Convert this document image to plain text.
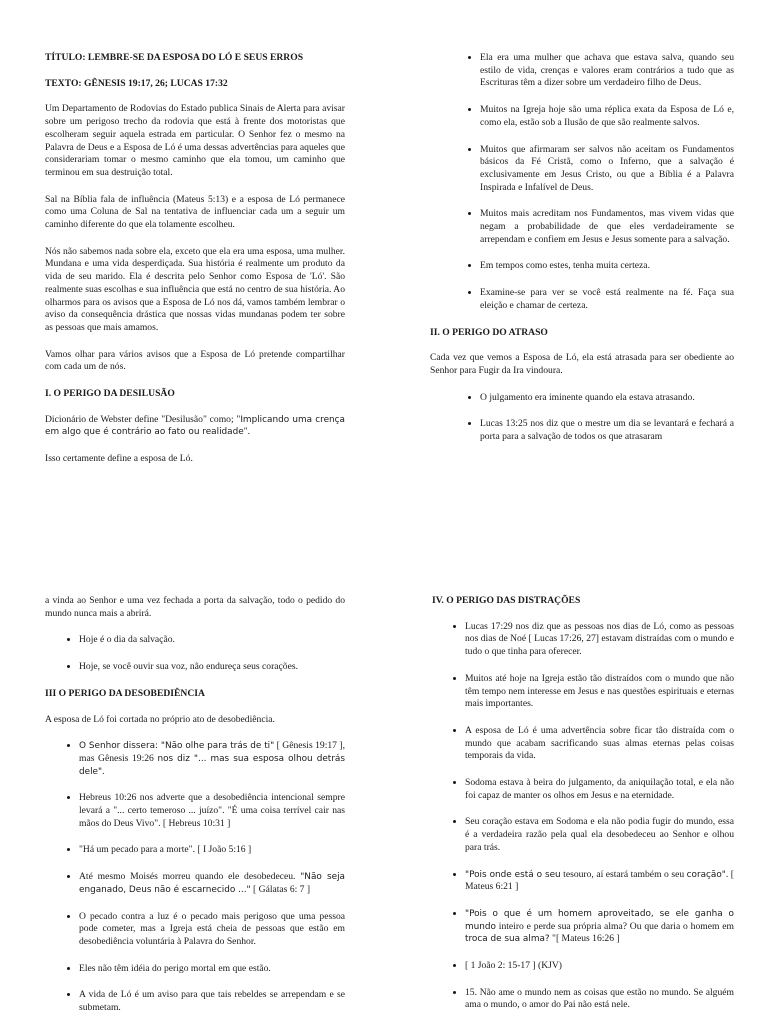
TÍTULO: LEMBRE-SE DA ESPOSA DO LÓ E SEUS ERROS
TEXTO: GÊNESIS 19:17, 26; LUCAS 17:32

Um Departamento de Rodovias do Estado publica Sinais de Alerta para avisar sobre um perigoso trecho da rodovia que está à frente dos motoristas que escolheram seguir aquela estrada em particular. O Senhor fez o mesmo na Palavra de Deus e a Esposa de Ló é uma dessas advertências para aqueles que considerariam tomar o mesmo caminho que ela tomou, um caminho que terminou em sua destruição total.

Sal na Bíblia fala de influência (Mateus 5:13) e a esposa de Ló permanece como uma Coluna de Sal na tentativa de influenciar cada um a seguir um caminho diferente do que ela tolamente escolheu.

Nós não sabemos nada sobre ela, exceto que ela era uma esposa, uma mulher. Mundana e uma vida desperdiçada. Sua história é realmente um produto da vida de seu marido. Ela é descrita pelo Senhor como Esposa de 'Ló'. São realmente suas escolhas e sua influência que está no centro de sua história. Ao olharmos para os avisos que a Esposa de Ló nos dá, vamos também lembrar o aviso da consequência drástica que nossas vidas mundanas podem ter sobre as pessoas que mais amamos.

Vamos olhar para vários avisos que a Esposa de Ló pretende compartilhar com cada um de nós.

I. O PERIGO DA DESILUSÃO

Dicionário de Webster define "Desilusão" como; "Implicando uma crença em algo que é contrário ao fato ou realidade".

Isso certamente define a esposa de Ló.

• Ela era uma mulher que achava que estava salva, quando seu estilo de vida, crenças e valores eram contrários a tudo que as Escrituras têm a dizer sobre um verdadeiro filho de Deus.
• Muitos na Igreja hoje são uma réplica exata da Esposa de Ló e, como ela, estão sob a Ilusão de que são realmente salvos.
• Muitos que afirmaram ser salvos não aceitam os Fundamentos básicos da Fé Cristã, como o Inferno, que a salvação é exclusivamente em Jesus Cristo, ou que a Bíblia é a Palavra Inspirada e Infalível de Deus.
• Muitos mais acreditam nos Fundamentos, mas vivem vidas que negam a probabilidade de que eles verdadeiramente se arrependam e confiem em Jesus e Jesus somente para a salvação.
• Em tempos como estes, tenha muita certeza.
• Examine-se para ver se você está realmente na fé. Faça sua eleição e chamar de certeza.
II. O PERIGO DO ATRASO

Cada vez que vemos a Esposa de Ló, ela está atrasada para ser obediente ao Senhor para Fugir da Ira vindoura.

• O julgamento era iminente quando ela estava atrasando.
• Lucas 13:25 nos diz que o mestre um dia se levantará e fechará a porta para a salvação de todos os que atrasaram

a vinda ao Senhor e uma vez fechada a porta da salvação, todo o pedido do mundo nunca mais a abrirá.

• Hoje é o dia da salvação.
• Hoje, se você ouvir sua voz, não endureça seus corações.
III O PERIGO DA DESOBEDIÊNCIA

A esposa de Ló foi cortada no próprio ato de desobediência.

• O Senhor dissera: "Não olhe para trás de ti" [ Gênesis 19:17 ], mas Gênesis 19:26 nos diz "... mas sua esposa olhou detrás dele".
• Hebreus 10:26 nos adverte que a desobediência intencional sempre levará a "... certo temeroso ... juízo". "É uma coisa terrível cair nas mãos do Deus Vivo". [ Hebreus 10:31 ]
• "Há um pecado para a morte". [ I João 5:16 ]
• Até mesmo Moisés morreu quando ele desobedeceu. "Não seja enganado, Deus não é escarnecido ..." [ Gálatas 6: 7 ]
• O pecado contra a luz é o pecado mais perigoso que uma pessoa pode cometer, mas a Igreja está cheia de pessoas que estão em desobediência voluntária à Palavra do Senhor.
• Eles não têm idéia do perigo mortal em que estão.
• A vida de Ló é um aviso para que tais rebeldes se arrependam e se submetam.
IV. O PERIGO DAS DISTRAÇÕES
• Lucas 17:29 nos diz que as pessoas nos dias de Ló, como as pessoas nos dias de Noé [ Lucas 17:26, 27] estavam distraídas com o mundo e tudo o que tinha para oferecer.
• Muitos até hoje na Igreja estão tão distraídos com o mundo que não têm tempo nem interesse em Jesus e nas questões espirituais e eternas mais importantes.
• A esposa de Ló é uma advertência sobre ficar tão distraída com o mundo que acabam sacrificando suas almas eternas pelas coisas temporais da vida.
• Sodoma estava à beira do julgamento, da aniquilação total, e ela não foi capaz de manter os olhos em Jesus e na eternidade.
• Seu coração estava em Sodoma e ela não podia fugir do mundo, essa é a verdadeira razão pela qual ela desobedeceu ao Senhor e olhou para trás.
• "Pois onde está o seu tesouro, aí estará também o seu coração". [ Mateus 6:21 ]
• "Pois o que é um homem aproveitado, se ele ganha o mundo inteiro e perde sua própria alma? Ou que daria o homem em troca de sua alma? "[ Mateus 16:26 ]
• [ 1 João 2: 15-17 ] (KJV)
• 15. Não ame o mundo nem as coisas que estão no mundo. Se alguém ama o mundo, o amor do Pai não está nele.
